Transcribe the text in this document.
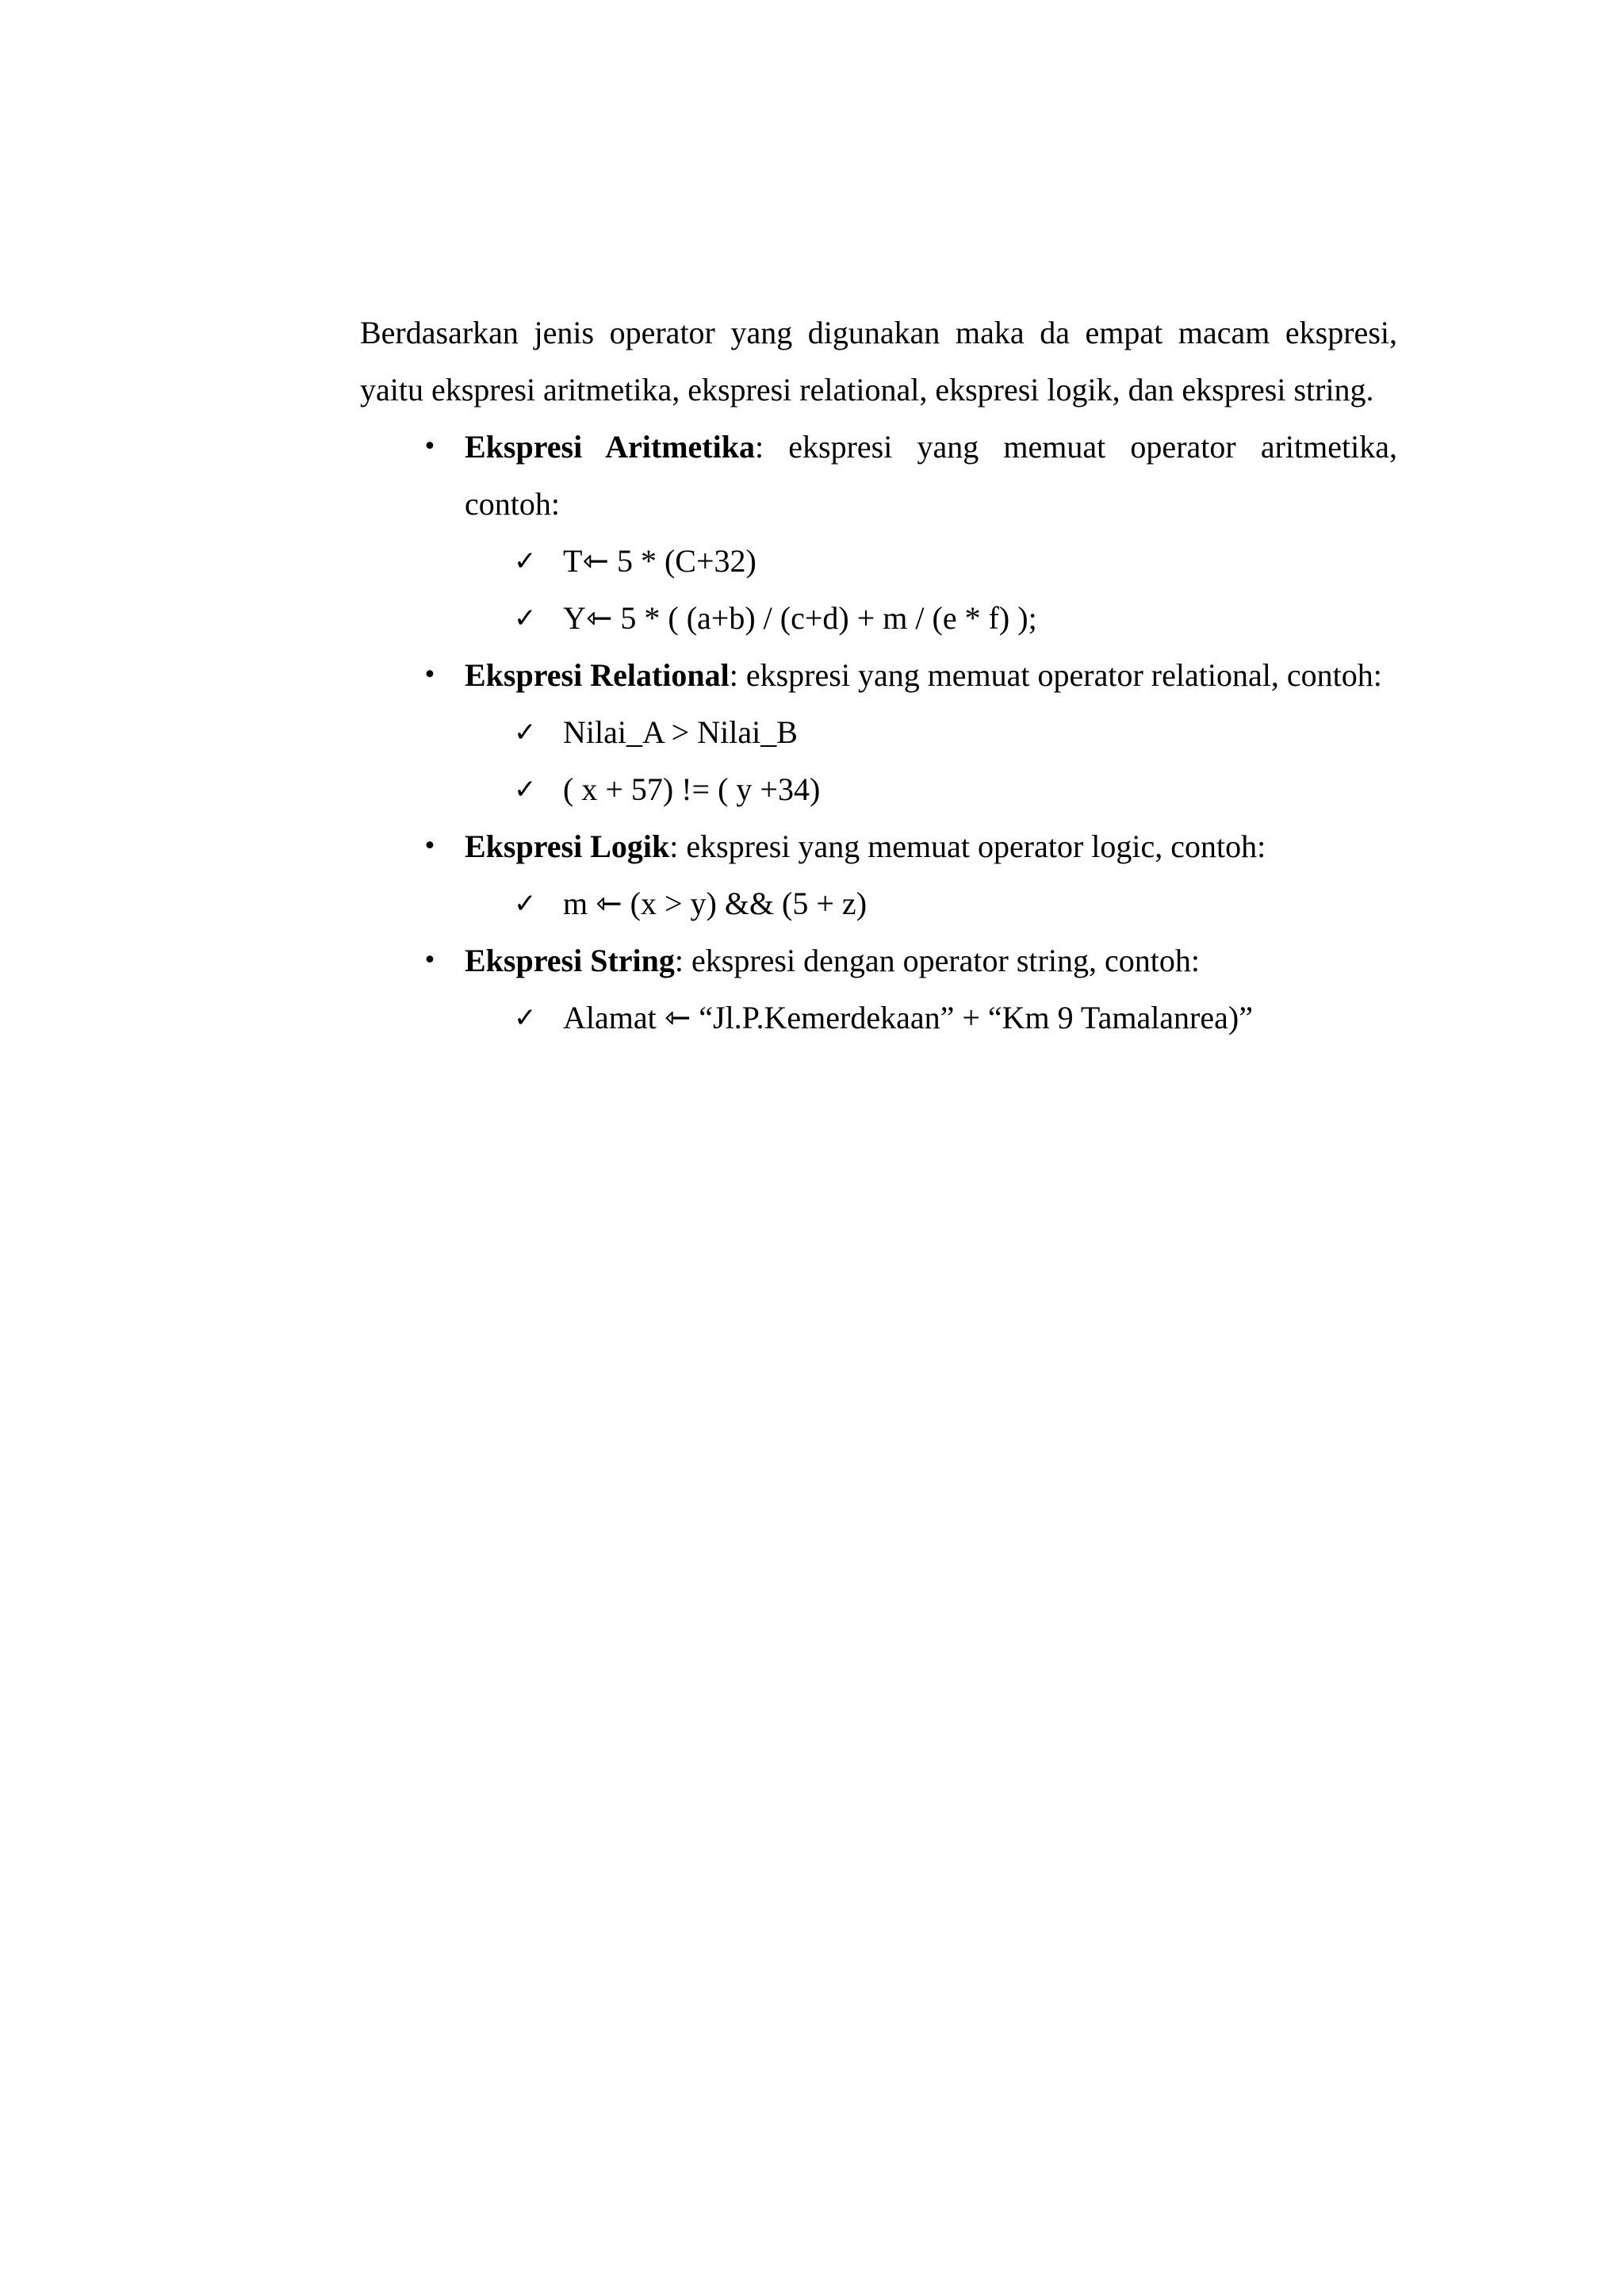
Berdasarkan jenis operator yang digunakan maka da empat macam ekspresi, yaitu ekspresi aritmetika, ekspresi relational, ekspresi logik, dan ekspresi string.

• Ekspresi Aritmetika: ekspresi yang memuat operator aritmetika, contoh:

✓ T⇽ 5 * (C+32)
✓ Y⇽ 5 * ( (a+b) / (c+d) + m / (e * f) );
• Ekspresi Relational: ekspresi yang memuat operator relational, contoh:

✓ Nilai_A > Nilai_B
✓ ( x + 57) != ( y +34)
• Ekspresi Logik: ekspresi yang memuat operator logic, contoh:

✓ m ⇽ (x > y) && (5 + z)
• Ekspresi String: ekspresi dengan operator string, contoh:

✓ Alamat ⇽ “Jl.P.Kemerdekaan” + “Km 9 Tamalanrea)”
